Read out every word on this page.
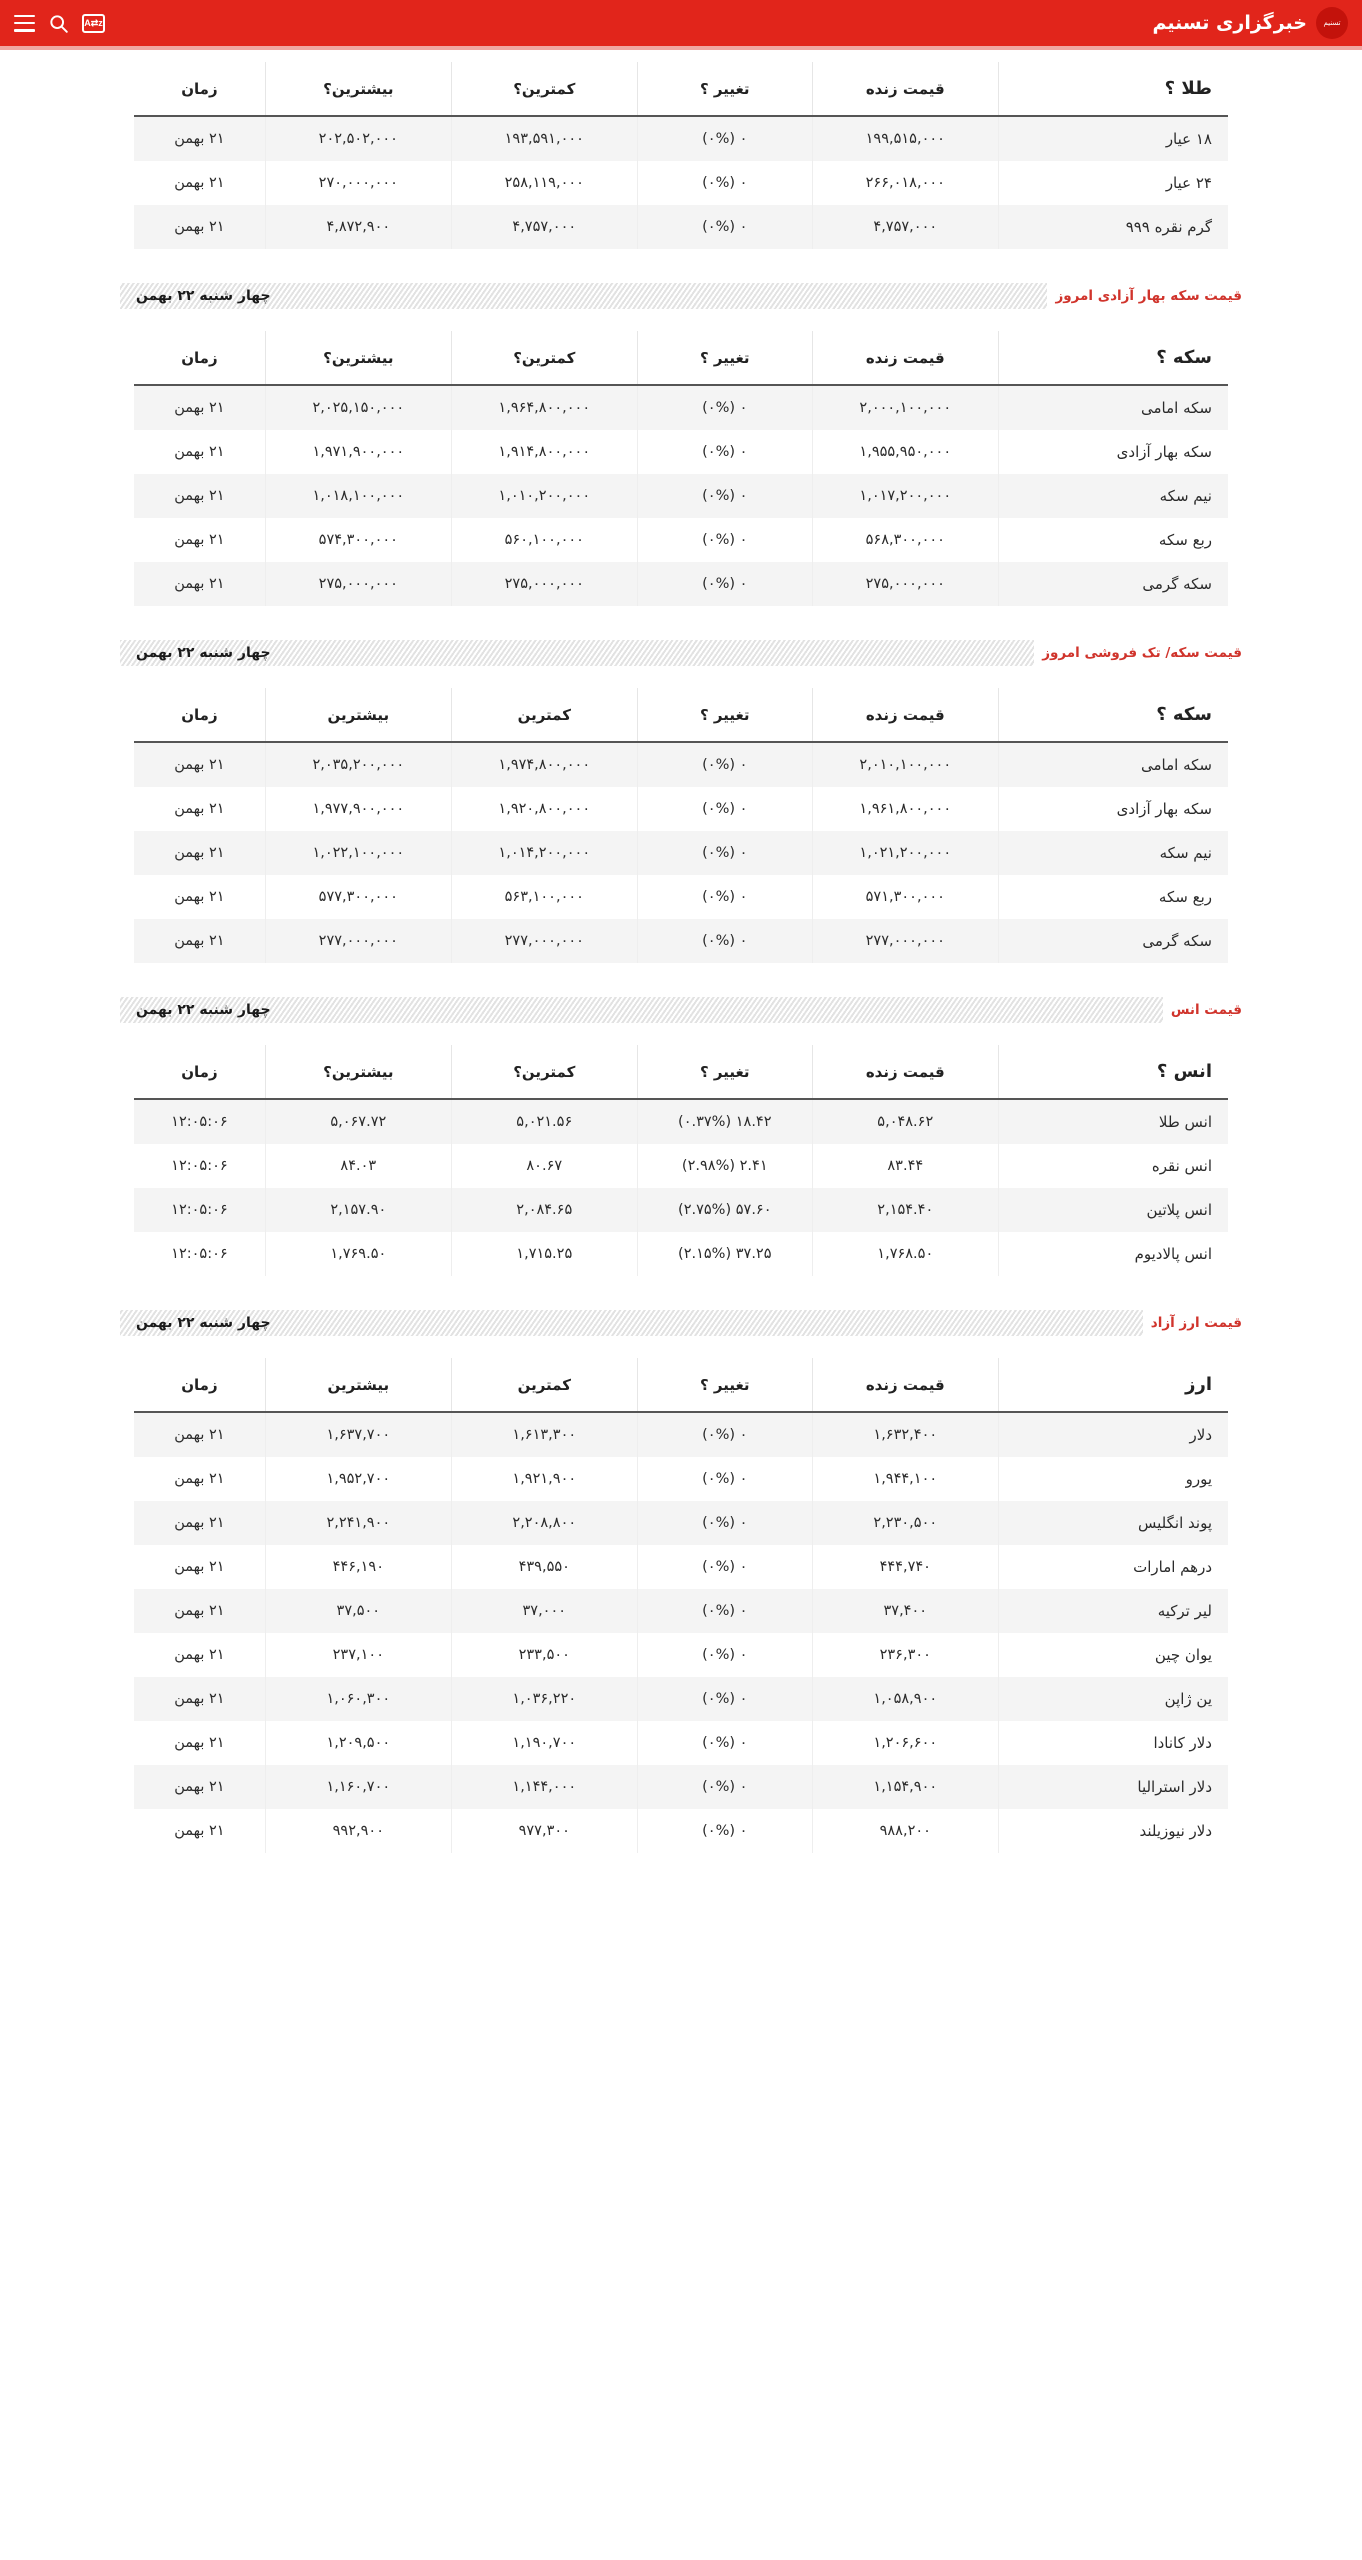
تسنیم
خبرگزاری تسنیم
A⇄z
طلا ؟	قیمت زنده	تغییر ؟	کمترین؟	بیشترین؟	زمان
۱۸ عیار	۱۹۹,۵۱۵,۰۰۰	۰ (۰%)	۱۹۳,۵۹۱,۰۰۰	۲۰۲,۵۰۲,۰۰۰	۲۱ بهمن
۲۴ عیار	۲۶۶,۰۱۸,۰۰۰	۰ (۰%)	۲۵۸,۱۱۹,۰۰۰	۲۷۰,۰۰۰,۰۰۰	۲۱ بهمن
گرم نقره ۹۹۹	۴,۷۵۷,۰۰۰	۰ (۰%)	۴,۷۵۷,۰۰۰	۴,۸۷۲,۹۰۰	۲۱ بهمن
قیمت سکه بهار آزادی امروز
چهار شنبه ۲۲ بهمن
سکه ؟	قیمت زنده	تغییر ؟	کمترین؟	بیشترین؟	زمان
سکه امامی	۲,۰۰۰,۱۰۰,۰۰۰	۰ (۰%)	۱,۹۶۴,۸۰۰,۰۰۰	۲,۰۲۵,۱۵۰,۰۰۰	۲۱ بهمن
سکه بهار آزادی	۱,۹۵۵,۹۵۰,۰۰۰	۰ (۰%)	۱,۹۱۴,۸۰۰,۰۰۰	۱,۹۷۱,۹۰۰,۰۰۰	۲۱ بهمن
نیم سکه	۱,۰۱۷,۲۰۰,۰۰۰	۰ (۰%)	۱,۰۱۰,۲۰۰,۰۰۰	۱,۰۱۸,۱۰۰,۰۰۰	۲۱ بهمن
ربع سکه	۵۶۸,۳۰۰,۰۰۰	۰ (۰%)	۵۶۰,۱۰۰,۰۰۰	۵۷۴,۳۰۰,۰۰۰	۲۱ بهمن
سکه گرمی	۲۷۵,۰۰۰,۰۰۰	۰ (۰%)	۲۷۵,۰۰۰,۰۰۰	۲۷۵,۰۰۰,۰۰۰	۲۱ بهمن
قیمت سکه/ تک فروشی امروز
چهار شنبه ۲۲ بهمن
سکه ؟	قیمت زنده	تغییر ؟	کمترین	بیشترین	زمان
سکه امامی	۲,۰۱۰,۱۰۰,۰۰۰	۰ (۰%)	۱,۹۷۴,۸۰۰,۰۰۰	۲,۰۳۵,۲۰۰,۰۰۰	۲۱ بهمن
سکه بهار آزادی	۱,۹۶۱,۸۰۰,۰۰۰	۰ (۰%)	۱,۹۲۰,۸۰۰,۰۰۰	۱,۹۷۷,۹۰۰,۰۰۰	۲۱ بهمن
نیم سکه	۱,۰۲۱,۲۰۰,۰۰۰	۰ (۰%)	۱,۰۱۴,۲۰۰,۰۰۰	۱,۰۲۲,۱۰۰,۰۰۰	۲۱ بهمن
ربع سکه	۵۷۱,۳۰۰,۰۰۰	۰ (۰%)	۵۶۳,۱۰۰,۰۰۰	۵۷۷,۳۰۰,۰۰۰	۲۱ بهمن
سکه گرمی	۲۷۷,۰۰۰,۰۰۰	۰ (۰%)	۲۷۷,۰۰۰,۰۰۰	۲۷۷,۰۰۰,۰۰۰	۲۱ بهمن
قیمت انس
چهار شنبه ۲۲ بهمن
انس ؟	قیمت زنده	تغییر ؟	کمترین؟	بیشترین؟	زمان
انس طلا	۵,۰۴۸.۶۲	۱۸.۴۲ (۰.۳۷%)	۵,۰۲۱.۵۶	۵,۰۶۷.۷۲	۱۲:۰۵:۰۶
انس نقره	۸۳.۴۴	۲.۴۱ (۲.۹۸%)	۸۰.۶۷	۸۴.۰۳	۱۲:۰۵:۰۶
انس پلاتین	۲,۱۵۴.۴۰	۵۷.۶۰ (۲.۷۵%)	۲,۰۸۴.۶۵	۲,۱۵۷.۹۰	۱۲:۰۵:۰۶
انس پالادیوم	۱,۷۶۸.۵۰	۳۷.۲۵ (۲.۱۵%)	۱,۷۱۵.۲۵	۱,۷۶۹.۵۰	۱۲:۰۵:۰۶
قیمت ارز آزاد
چهار شنبه ۲۲ بهمن
ارز	قیمت زنده	تغییر ؟	کمترین	بیشترین	زمان
دلار	۱,۶۳۲,۴۰۰	۰ (۰%)	۱,۶۱۳,۳۰۰	۱,۶۳۷,۷۰۰	۲۱ بهمن
یورو	۱,۹۴۴,۱۰۰	۰ (۰%)	۱,۹۲۱,۹۰۰	۱,۹۵۲,۷۰۰	۲۱ بهمن
پوند انگلیس	۲,۲۳۰,۵۰۰	۰ (۰%)	۲,۲۰۸,۸۰۰	۲,۲۴۱,۹۰۰	۲۱ بهمن
درهم امارات	۴۴۴,۷۴۰	۰ (۰%)	۴۳۹,۵۵۰	۴۴۶,۱۹۰	۲۱ بهمن
لیر ترکیه	۳۷,۴۰۰	۰ (۰%)	۳۷,۰۰۰	۳۷,۵۰۰	۲۱ بهمن
یوان چین	۲۳۶,۳۰۰	۰ (۰%)	۲۳۳,۵۰۰	۲۳۷,۱۰۰	۲۱ بهمن
ین ژاپن	۱,۰۵۸,۹۰۰	۰ (۰%)	۱,۰۳۶,۲۲۰	۱,۰۶۰,۳۰۰	۲۱ بهمن
دلار کانادا	۱,۲۰۶,۶۰۰	۰ (۰%)	۱,۱۹۰,۷۰۰	۱,۲۰۹,۵۰۰	۲۱ بهمن
دلار استرالیا	۱,۱۵۴,۹۰۰	۰ (۰%)	۱,۱۴۴,۰۰۰	۱,۱۶۰,۷۰۰	۲۱ بهمن
دلار نیوزیلند	۹۸۸,۲۰۰	۰ (۰%)	۹۷۷,۳۰۰	۹۹۲,۹۰۰	۲۱ بهمن
